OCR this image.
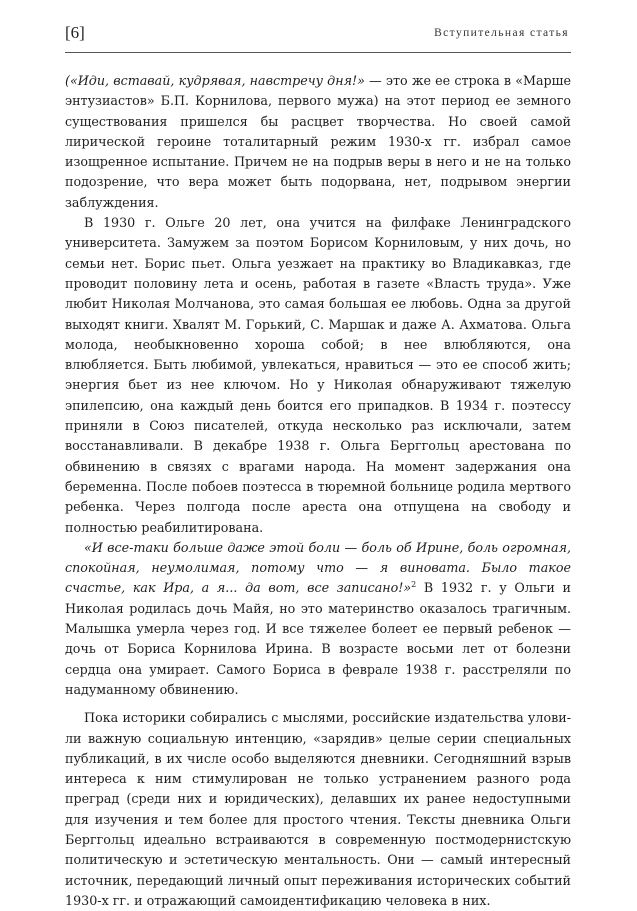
[6]	Вступительная статья

(«Иди, вставай, кудрявая, навстречу дня!» — это же ее строка в «Марше энтузиастов» Б.П. Корнилова, первого мужа) на этот период ее земного существования пришелся бы расцвет творчества. Но своей самой лирической героине тоталитарный режим 1930-х гг. избрал самое изощренное испытание. Причем не на подрыв веры в него и не на только подозрение, что вера может быть подорвана, нет, подрывом энергии заблуждения.

В 1930 г. Ольге 20 лет, она учится на филфаке Ленинградского университета. Замужем за поэтом Борисом Корниловым, у них дочь, но семьи нет. Борис пьет. Ольга уезжает на практику во Владикавказ, где проводит половину лета и осень, работая в газете «Власть труда». Уже любит Николая Молчанова, это самая большая ее любовь. Одна за другой выходят книги. Хвалят М. Горький, С. Маршак и даже А. Ахматова. Ольга молода, необыкновенно хороша собой; в нее влюбляются, она влюбляется. Быть любимой, увлекаться, нравиться — это ее способ жить; энергия бьет из нее ключом. Но у Николая обнаруживают тяжелую эпилепсию, она каждый день боится его припадков. В 1934 г. поэтессу приняли в Союз писателей, откуда несколько раз исключали, затем восстанавливали. В декабре 1938 г. Ольга Берггольц арестована по обвинению в связях с врагами народа. На момент задержания она беременна. После побоев поэтесса в тюремной больнице родила мертвого ребенка. Через полгода после ареста она отпущена на свободу и полностью реабилитирована.

«И все-таки больше даже этой боли — боль об Ирине, боль огромная, спокойная, неумолимая, потому что — я виновата. Было такое счастье, как Ира, а я... да вот, все записано!»$^2$ В 1932 г. у Ольги и Николая родилась дочь Майя, но это материнство оказалось трагичным. Малышка умерла через год. И все тяжелее болеет ее первый ребенок — дочь от Бориса Корнилова Ирина. В возрасте восьми лет от болезни сердца она умирает. Самого Бориса в феврале 1938 г. расстреляли по надуманному обвинению.

Пока историки собирались с мыслями, российские издательства уловили важную социальную интенцию, «зарядив» целые серии специальных публикаций, в их числе особо выделяются дневники. Сегодняшний взрыв интереса к ним стимулирован не только устранением разного рода преград (среди них и юридических), делавших их ранее недоступными для изучения и тем более для простого чтения. Тексты дневника Ольги Берггольц идеально встраиваются в современную постмодернистскую политическую и эстетическую ментальность. Они — самый интересный источник, передающий личный опыт переживания исторических событий 1930-х гг. и отражающий самоидентификацию человека в них.
